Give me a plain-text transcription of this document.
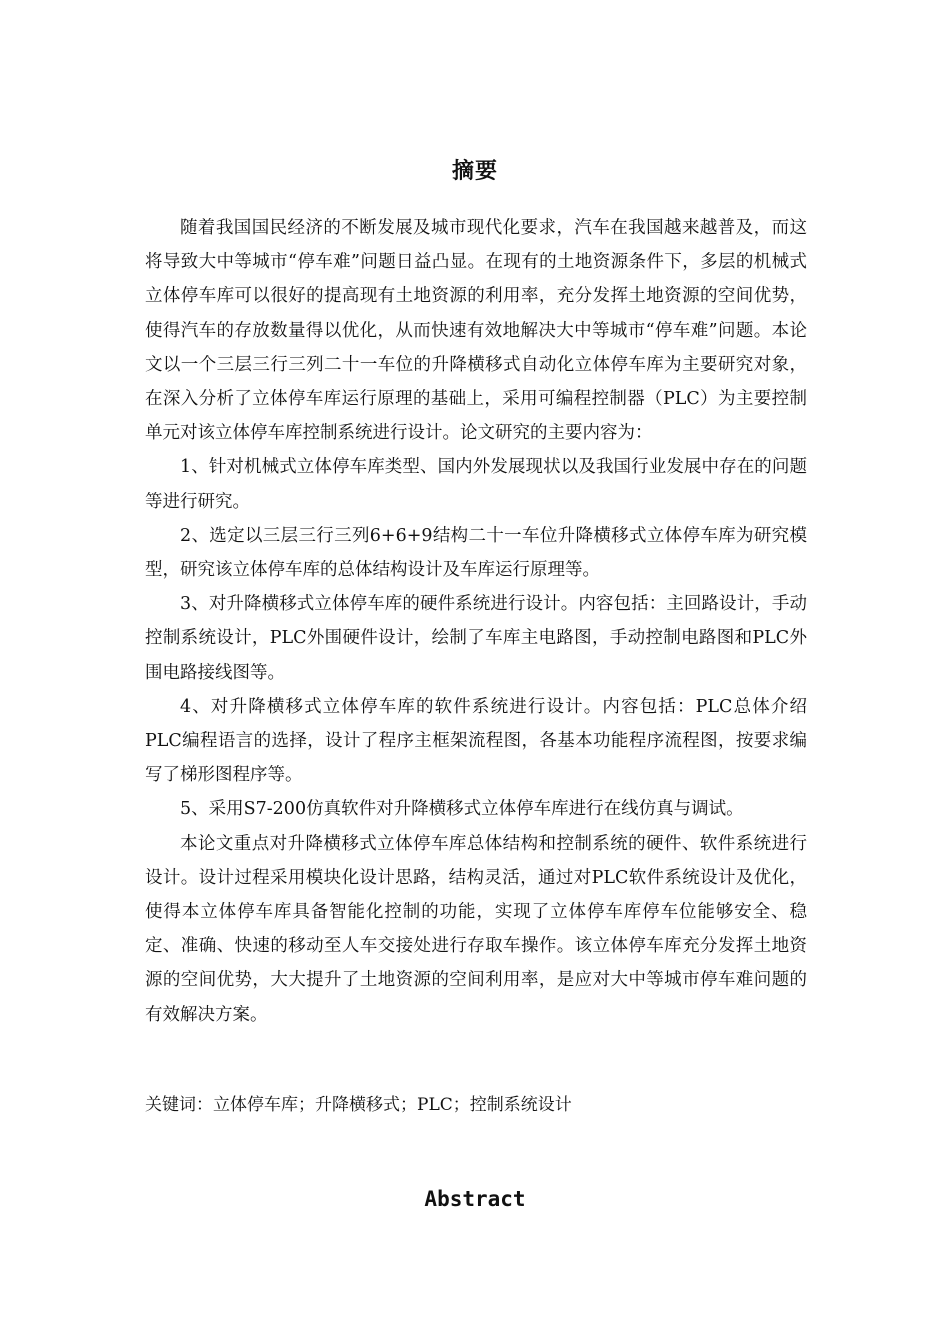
摘要

随着我国国民经济的不断发展及城市现代化要求，汽车在我国越来越普及，而这将导致大中等城市“停车难”问题日益凸显。在现有的土地资源条件下，多层的机械式立体停车库可以很好的提高现有土地资源的利用率，充分发挥土地资源的空间优势，使得汽车的存放数量得以优化，从而快速有效地解决大中等城市“停车难”问题。本论文以一个三层三行三列二十一车位的升降横移式自动化立体停车库为主要研究对象，在深入分析了立体停车库运行原理的基础上，采用可编程控制器（PLC）为主要控制单元对该立体停车库控制系统进行设计。论文研究的主要内容为：

1、针对机械式立体停车库类型、国内外发展现状以及我国行业发展中存在的问题等进行研究。

2、选定以三层三行三列6+6+9结构二十一车位升降横移式立体停车库为研究模型，研究该立体停车库的总体结构设计及车库运行原理等。

3、对升降横移式立体停车库的硬件系统进行设计。内容包括：主回路设计，手动控制系统设计，PLC外围硬件设计，绘制了车库主电路图，手动控制电路图和PLC外围电路接线图等。

4、对升降横移式立体停车库的软件系统进行设计。内容包括：PLC总体介绍PLC编程语言的选择，设计了程序主框架流程图，各基本功能程序流程图，按要求编写了梯形图程序等。

5、采用S7-200仿真软件对升降横移式立体停车库进行在线仿真与调试。

本论文重点对升降横移式立体停车库总体结构和控制系统的硬件、软件系统进行设计。设计过程采用模块化设计思路，结构灵活，通过对PLC软件系统设计及优化，使得本立体停车库具备智能化控制的功能，实现了立体停车库停车位能够安全、稳定、准确、快速的移动至人车交接处进行存取车操作。该立体停车库充分发挥土地资源的空间优势，大大提升了土地资源的空间利用率，是应对大中等城市停车难问题的有效解决方案。

关键词：立体停车库；升降横移式；PLC；控制系统设计
Abstract
